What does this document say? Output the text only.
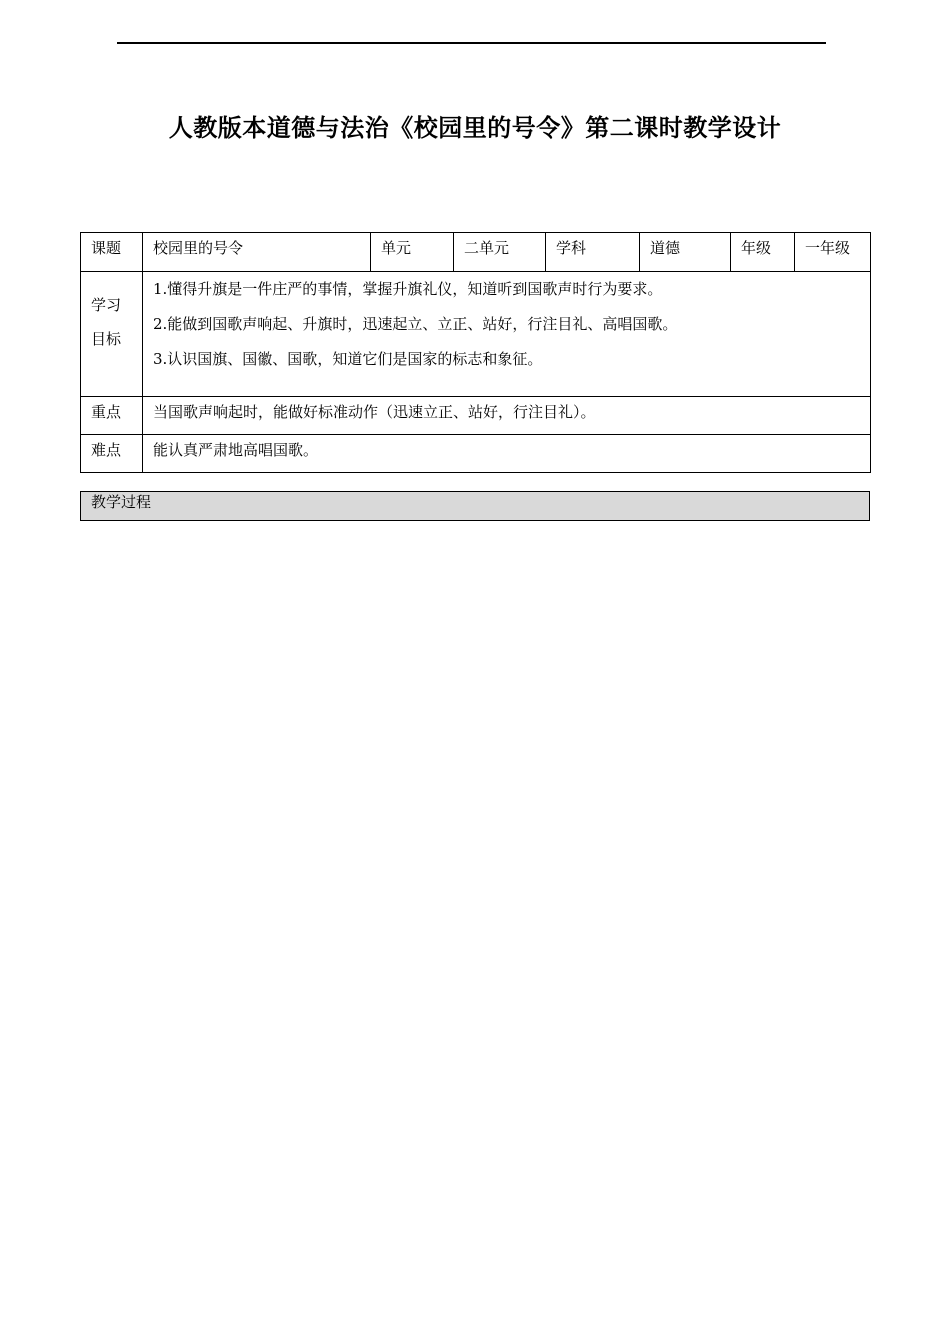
人教版本道德与法治《校园里的号令》第二课时教学设计
课题	校园里的号令	单元	二单元	学科	道德	年级	一年级

学习
目标	1.懂得升旗是一件庄严的事情，掌握升旗礼仪，知道听到国歌声时行为要求。
2.能做到国歌声响起、升旗时，迅速起立、立正、站好，行注目礼、高唱国歌。
3.认识国旗、国徽、国歌，知道它们是国家的标志和象征。						

重点	当国歌声响起时，能做好标准动作（迅速立正、站好，行注目礼）。						
难点	能认真严肃地高唱国歌。						
教学过程
